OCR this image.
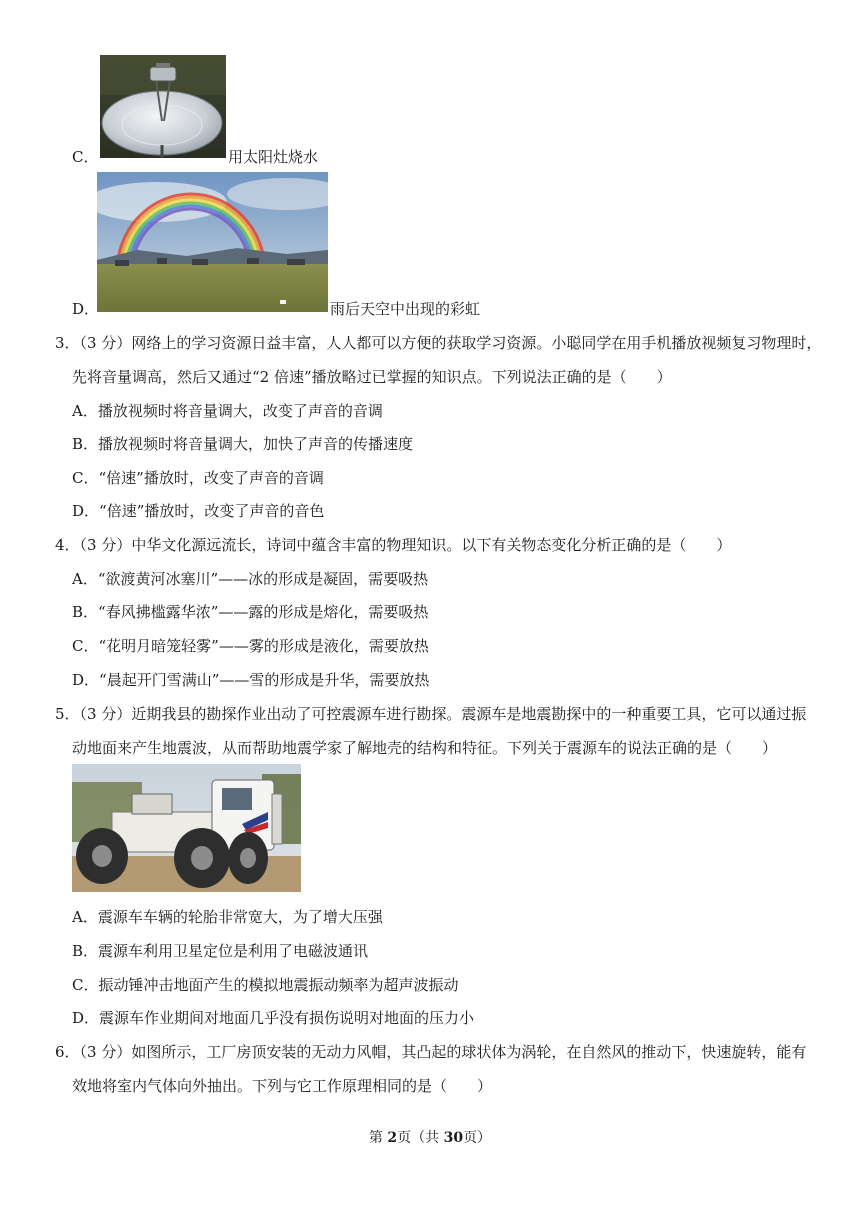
C．	用太阳灶烧水
D．	雨后天空中出现的彩虹
3．（3 分）网络上的学习资源日益丰富，人人都可以方便的获取学习资源。小聪同学在用手机播放视频复习物理时，
先将音量调高，然后又通过“2 倍速”播放略过已掌握的知识点。下列说法正确的是（　　）
A．播放视频时将音量调大，改变了声音的音调
B．播放视频时将音量调大，加快了声音的传播速度
C．“倍速”播放时，改变了声音的音调
D．“倍速”播放时，改变了声音的音色
4．（3 分）中华文化源远流长，诗词中蕴含丰富的物理知识。以下有关物态变化分析正确的是（　　）
A．“欲渡黄河冰塞川”——冰的形成是凝固，需要吸热
B．“春风拂槛露华浓”——露的形成是熔化，需要吸热
C．“花明月暗笼轻雾”——雾的形成是液化，需要放热
D．“晨起开门雪满山”——雪的形成是升华，需要放热
5．（3 分）近期我县的勘探作业出动了可控震源车进行勘探。震源车是地震勘探中的一种重要工具，它可以通过振
动地面来产生地震波，从而帮助地震学家了解地壳的结构和特征。下列关于震源车的说法正确的是（　　）
A．震源车车辆的轮胎非常宽大，为了增大压强
B．震源车利用卫星定位是利用了电磁波通讯
C．振动锤冲击地面产生的模拟地震振动频率为超声波振动
D．震源车作业期间对地面几乎没有损伤说明对地面的压力小
6．（3 分）如图所示，工厂房顶安装的无动力风帽，其凸起的球状体为涡轮，在自然风的推动下，快速旋转，能有
效地将室内气体向外抽出。下列与它工作原理相同的是（　　）
第 2页（共 30页）
